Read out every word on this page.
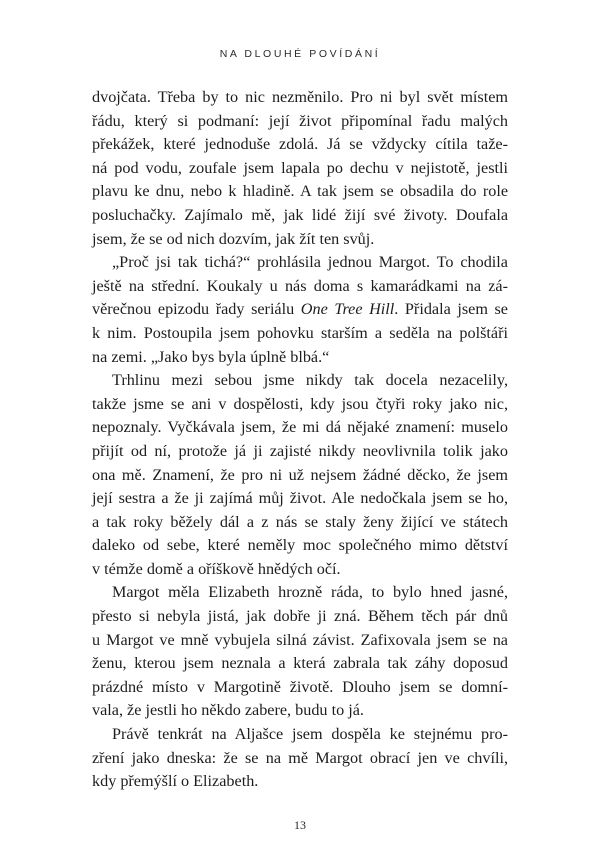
NA DLOUHÉ POVÍDÁNÍ

dvojčata. Třeba by to nic nezměnilo. Pro ni byl svět místem
řádu, který si podmaní: její život připomínal řadu malých
překážek, které jednoduše zdolá. Já se vždycky cítila taže-
ná pod vodu, zoufale jsem lapala po dechu v nejistotě, jestli
plavu ke dnu, nebo k hladině. A tak jsem se obsadila do role
posluchačky. Zajímalo mě, jak lidé žijí své životy. Doufala
jsem, že se od nich dozvím, jak žít ten svůj.

„Proč jsi tak tichá?“ prohlásila jednou Margot. To chodila
ještě na střední. Koukaly u nás doma s kamarádkami na zá-
věrečnou epizodu řady seriálu One Tree Hill. Přidala jsem se
k nim. Postoupila jsem pohovku starším a seděla na polštáři
na zemi. „Jako bys byla úplně blbá.“

Trhlinu mezi sebou jsme nikdy tak docela nezacelily,
takže jsme se ani v dospělosti, kdy jsou čtyři roky jako nic,
nepoznaly. Vyčkávala jsem, že mi dá nějaké znamení: muselo
přijít od ní, protože já ji zajisté nikdy neovlivnila tolik jako
ona mě. Znamení, že pro ni už nejsem žádné děcko, že jsem
její sestra a že ji zajímá můj život. Ale nedočkala jsem se ho,
a tak roky běžely dál a z nás se staly ženy žijící ve státech
daleko od sebe, které neměly moc společného mimo dětství
v témže domě a oříškově hnědých očí.

Margot měla Elizabeth hrozně ráda, to bylo hned jasné,
přesto si nebyla jistá, jak dobře ji zná. Během těch pár dnů
u Margot ve mně vybujela silná závist. Zafixovala jsem se na
ženu, kterou jsem neznala a která zabrala tak záhy doposud
prázdné místo v Margotině životě. Dlouho jsem se domní-
vala, že jestli ho někdo zabere, budu to já.

Právě tenkrát na Aljašce jsem dospěla ke stejnému pro-
zření jako dneska: že se na mě Margot obrací jen ve chvíli,
kdy přemýšlí o Elizabeth.

13
